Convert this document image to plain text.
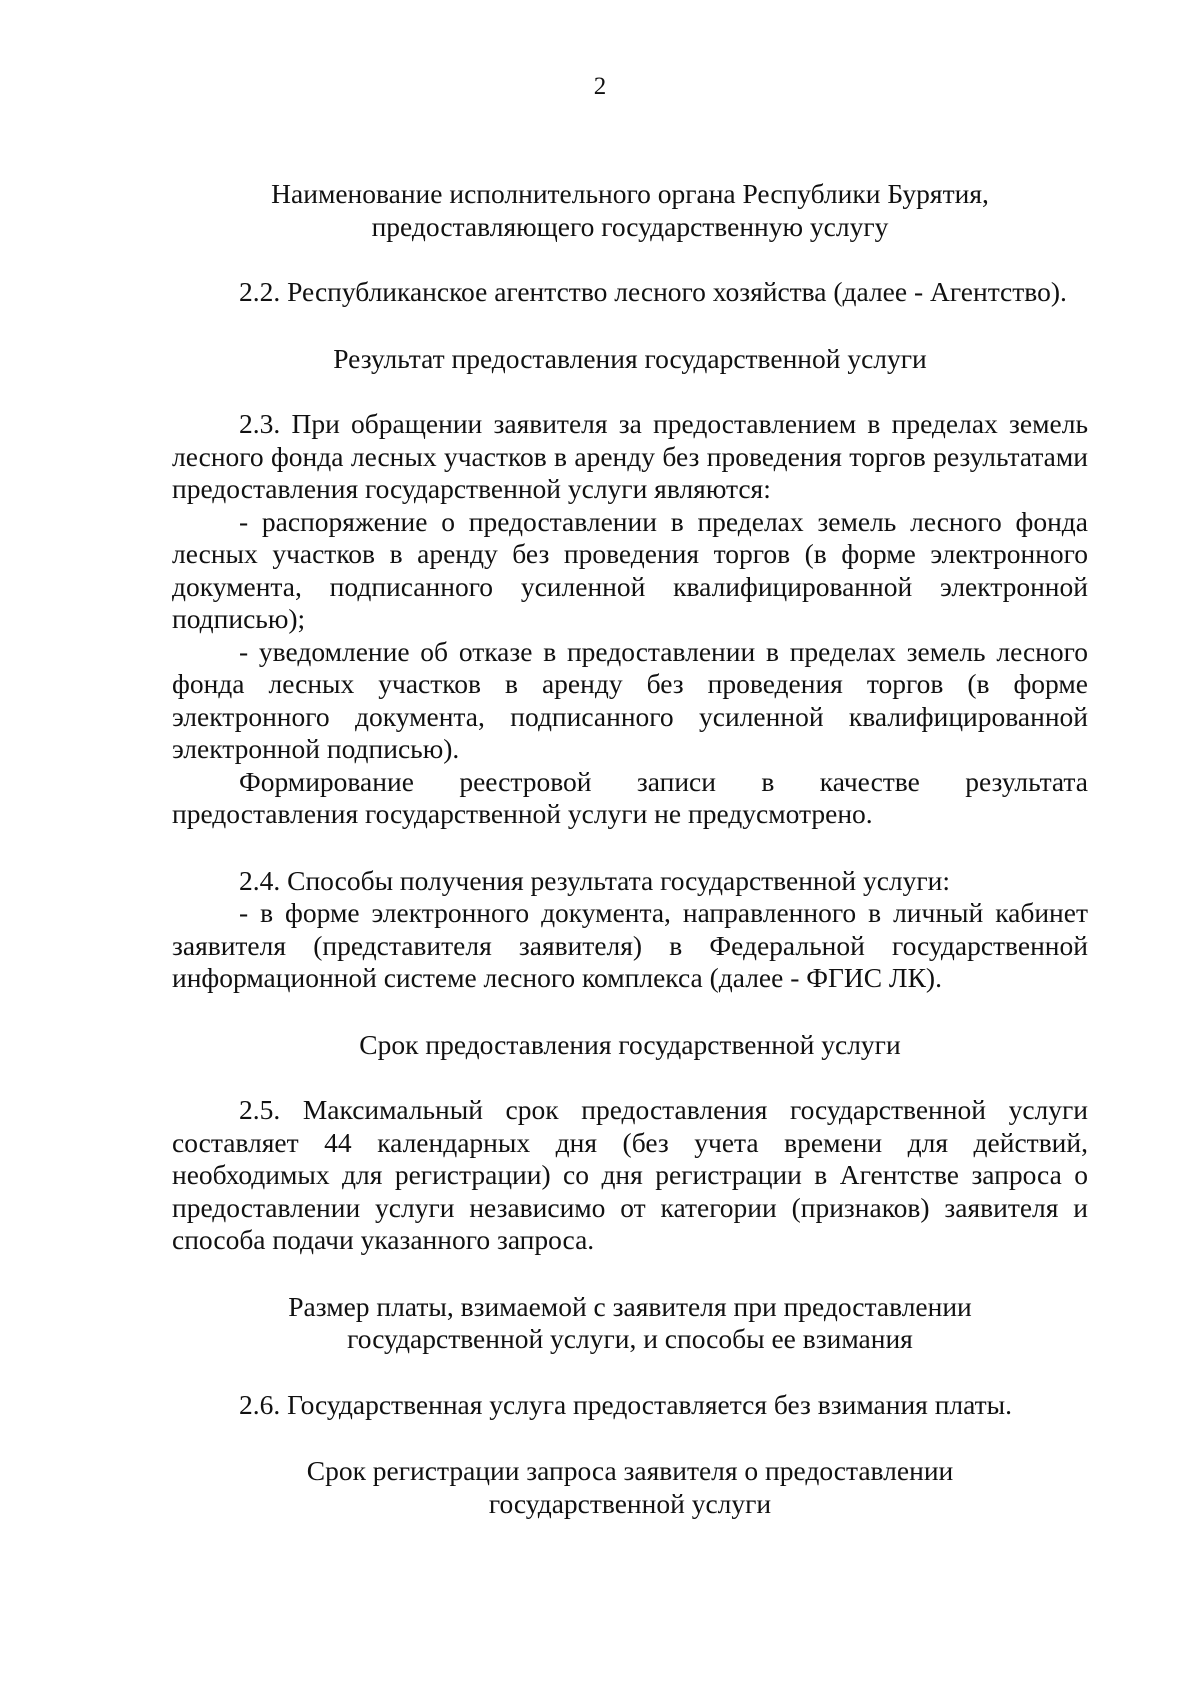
2

Наименование исполнительного органа Республики Бурятия,
предоставляющего государственную услугу

2.2. Республиканское агентство лесного хозяйства (далее - Агентство).

Результат предоставления государственной услуги

2.3. При обращении заявителя за предоставлением в пределах земель лесного фонда лесных участков в аренду без проведения торгов результатами предоставления государственной услуги являются:

- распоряжение о предоставлении в пределах земель лесного фонда лесных участков в аренду без проведения торгов (в форме электронного документа, подписанного усиленной квалифицированной электронной подписью);

- уведомление об отказе в предоставлении в пределах земель лесного фонда лесных участков в аренду без проведения торгов (в форме электронного документа, подписанного усиленной квалифицированной электронной подписью).

Формирование реестровой записи в качестве результата предоставления государственной услуги не предусмотрено.

2.4. Способы получения результата государственной услуги:

- в форме электронного документа, направленного в личный кабинет заявителя (представителя заявителя) в Федеральной государственной информационной системе лесного комплекса (далее - ФГИС ЛК).

Срок предоставления государственной услуги

2.5. Максимальный срок предоставления государственной услуги составляет 44 календарных дня (без учета времени для действий, необходимых для регистрации) со дня регистрации в Агентстве запроса о предоставлении услуги независимо от категории (признаков) заявителя и способа подачи указанного запроса.

Размер платы, взимаемой с заявителя при предоставлении
государственной услуги, и способы ее взимания

2.6. Государственная услуга предоставляется без взимания платы.

Срок регистрации запроса заявителя о предоставлении
государственной услуги
